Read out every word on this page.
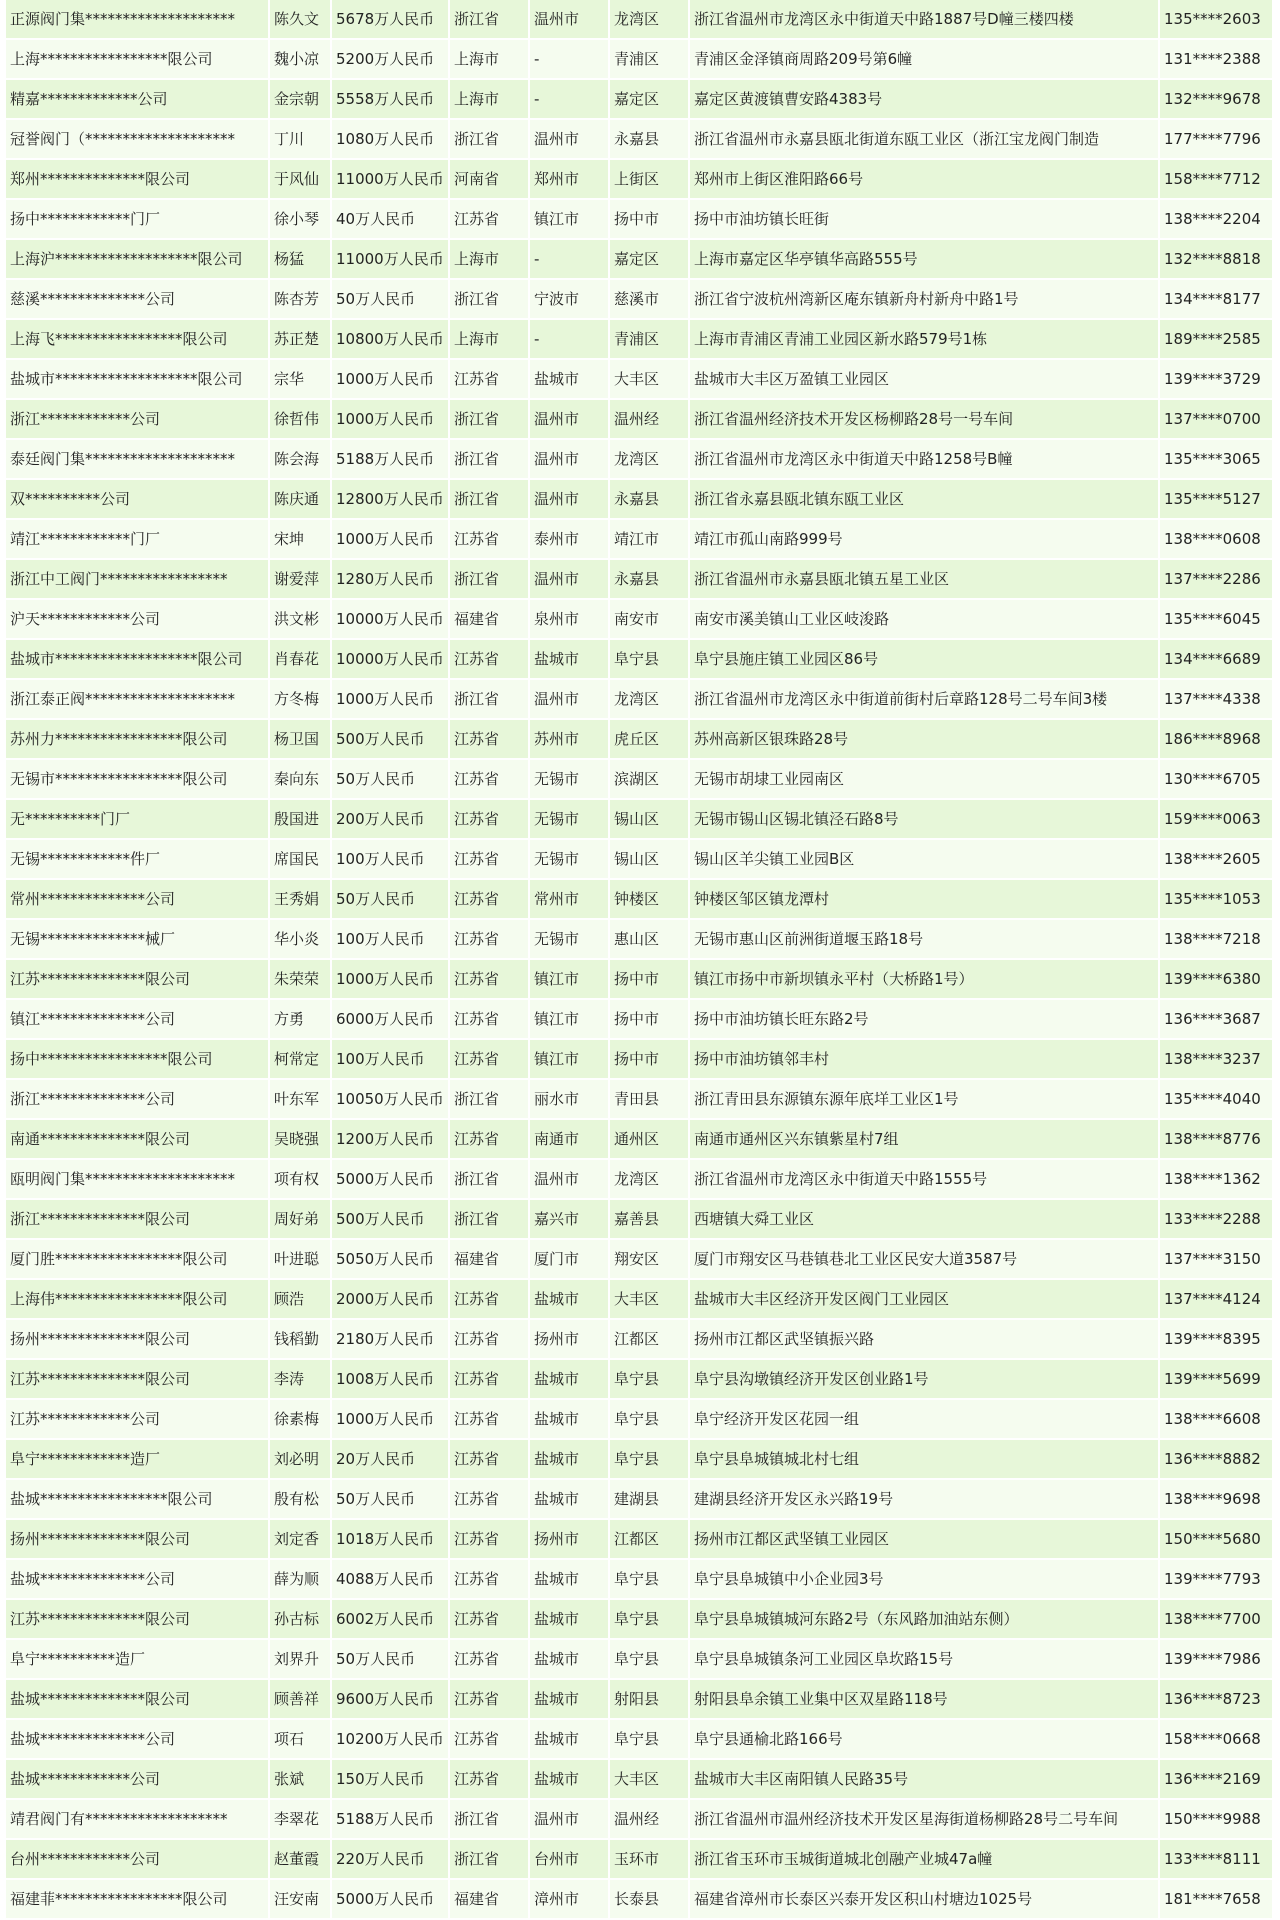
正源阀门集********************	陈久文	5678万人民币	浙江省	温州市	龙湾区	浙江省温州市龙湾区永中街道天中路1887号D幢三楼四楼	135****2603
上海*****************限公司	魏小凉	5200万人民币	上海市	-	青浦区	青浦区金泽镇商周路209号第6幢	131****2388
精嘉*************公司	金宗朝	5558万人民币	上海市	-	嘉定区	嘉定区黄渡镇曹安路4383号	132****9678
冠誉阀门（********************	丁川	1080万人民币	浙江省	温州市	永嘉县	浙江省温州市永嘉县瓯北街道东瓯工业区（浙江宝龙阀门制造	177****7796
郑州**************限公司	于风仙	11000万人民币	河南省	郑州市	上街区	郑州市上街区淮阳路66号	158****7712
扬中************门厂	徐小琴	40万人民币	江苏省	镇江市	扬中市	扬中市油坊镇长旺街	138****2204
上海沪*******************限公司	杨猛	11000万人民币	上海市	-	嘉定区	上海市嘉定区华亭镇华高路555号	132****8818
慈溪**************公司	陈杏芳	50万人民币	浙江省	宁波市	慈溪市	浙江省宁波杭州湾新区庵东镇新舟村新舟中路1号	134****8177
上海飞*****************限公司	苏正楚	10800万人民币	上海市	-	青浦区	上海市青浦区青浦工业园区新水路579号1栋	189****2585
盐城市*******************限公司	宗华	1000万人民币	江苏省	盐城市	大丰区	盐城市大丰区万盈镇工业园区	139****3729
浙江************公司	徐哲伟	1000万人民币	浙江省	温州市	温州经	浙江省温州经济技术开发区杨柳路28号一号车间	137****0700
泰廷阀门集********************	陈会海	5188万人民币	浙江省	温州市	龙湾区	浙江省温州市龙湾区永中街道天中路1258号B幢	135****3065
双**********公司	陈庆通	12800万人民币	浙江省	温州市	永嘉县	浙江省永嘉县瓯北镇东瓯工业区	135****5127
靖江************门厂	宋坤	1000万人民币	江苏省	泰州市	靖江市	靖江市孤山南路999号	138****0608
浙江中工阀门*****************	谢爱萍	1280万人民币	浙江省	温州市	永嘉县	浙江省温州市永嘉县瓯北镇五星工业区	137****2286
沪天************公司	洪文彬	10000万人民币	福建省	泉州市	南安市	南安市溪美镇山工业区岐浚路	135****6045
盐城市*******************限公司	肖春花	10000万人民币	江苏省	盐城市	阜宁县	阜宁县施庄镇工业园区86号	134****6689
浙江泰正阀********************	方冬梅	1000万人民币	浙江省	温州市	龙湾区	浙江省温州市龙湾区永中街道前街村后章路128号二号车间3楼	137****4338
苏州力*****************限公司	杨卫国	500万人民币	江苏省	苏州市	虎丘区	苏州高新区银珠路28号	186****8968
无锡市*****************限公司	秦向东	50万人民币	江苏省	无锡市	滨湖区	无锡市胡埭工业园南区	130****6705
无**********门厂	殷国进	200万人民币	江苏省	无锡市	锡山区	无锡市锡山区锡北镇泾石路8号	159****0063
无锡************件厂	席国民	100万人民币	江苏省	无锡市	锡山区	锡山区羊尖镇工业园B区	138****2605
常州**************公司	王秀娟	50万人民币	江苏省	常州市	钟楼区	钟楼区邹区镇龙潭村	135****1053
无锡**************械厂	华小炎	100万人民币	江苏省	无锡市	惠山区	无锡市惠山区前洲街道堰玉路18号	138****7218
江苏**************限公司	朱荣荣	1000万人民币	江苏省	镇江市	扬中市	镇江市扬中市新坝镇永平村（大桥路1号）	139****6380
镇江**************公司	方勇	6000万人民币	江苏省	镇江市	扬中市	扬中市油坊镇长旺东路2号	136****3687
扬中*****************限公司	柯常定	100万人民币	江苏省	镇江市	扬中市	扬中市油坊镇邻丰村	138****3237
浙江**************公司	叶东军	10050万人民币	浙江省	丽水市	青田县	浙江青田县东源镇东源年底垟工业区1号	135****4040
南通**************限公司	吴晓强	1200万人民币	江苏省	南通市	通州区	南通市通州区兴东镇紫星村7组	138****8776
瓯明阀门集********************	项有权	5000万人民币	浙江省	温州市	龙湾区	浙江省温州市龙湾区永中街道天中路1555号	138****1362
浙江**************限公司	周好弟	500万人民币	浙江省	嘉兴市	嘉善县	西塘镇大舜工业区	133****2288
厦门胜*****************限公司	叶进聪	5050万人民币	福建省	厦门市	翔安区	厦门市翔安区马巷镇巷北工业区民安大道3587号	137****3150
上海伟*****************限公司	顾浩	2000万人民币	江苏省	盐城市	大丰区	盐城市大丰区经济开发区阀门工业园区	137****4124
扬州**************限公司	钱稻勤	2180万人民币	江苏省	扬州市	江都区	扬州市江都区武坚镇振兴路	139****8395
江苏**************限公司	李涛	1008万人民币	江苏省	盐城市	阜宁县	阜宁县沟墩镇经济开发区创业路1号	139****5699
江苏************公司	徐素梅	1000万人民币	江苏省	盐城市	阜宁县	阜宁经济开发区花园一组	138****6608
阜宁************造厂	刘必明	20万人民币	江苏省	盐城市	阜宁县	阜宁县阜城镇城北村七组	136****8882
盐城*****************限公司	殷有松	50万人民币	江苏省	盐城市	建湖县	建湖县经济开发区永兴路19号	138****9698
扬州**************限公司	刘定香	1018万人民币	江苏省	扬州市	江都区	扬州市江都区武坚镇工业园区	150****5680
盐城**************公司	薛为顺	4088万人民币	江苏省	盐城市	阜宁县	阜宁县阜城镇中小企业园3号	139****7793
江苏**************限公司	孙古标	6002万人民币	江苏省	盐城市	阜宁县	阜宁县阜城镇城河东路2号（东风路加油站东侧）	138****7700
阜宁**********造厂	刘界升	50万人民币	江苏省	盐城市	阜宁县	阜宁县阜城镇条河工业园区阜坎路15号	139****7986
盐城**************限公司	顾善祥	9600万人民币	江苏省	盐城市	射阳县	射阳县阜余镇工业集中区双星路118号	136****8723
盐城**************公司	项石	10200万人民币	江苏省	盐城市	阜宁县	阜宁县通榆北路166号	158****0668
盐城************公司	张斌	150万人民币	江苏省	盐城市	大丰区	盐城市大丰区南阳镇人民路35号	136****2169
靖君阀门有*******************	李翠花	5188万人民币	浙江省	温州市	温州经	浙江省温州市温州经济技术开发区星海街道杨柳路28号二号车间	150****9988
台州************公司	赵董霞	220万人民币	浙江省	台州市	玉环市	浙江省玉环市玉城街道城北创融产业城47a幢	133****8111
福建菲*****************限公司	汪安南	5000万人民币	福建省	漳州市	长泰县	福建省漳州市长泰区兴泰开发区积山村塘边1025号	181****7658
